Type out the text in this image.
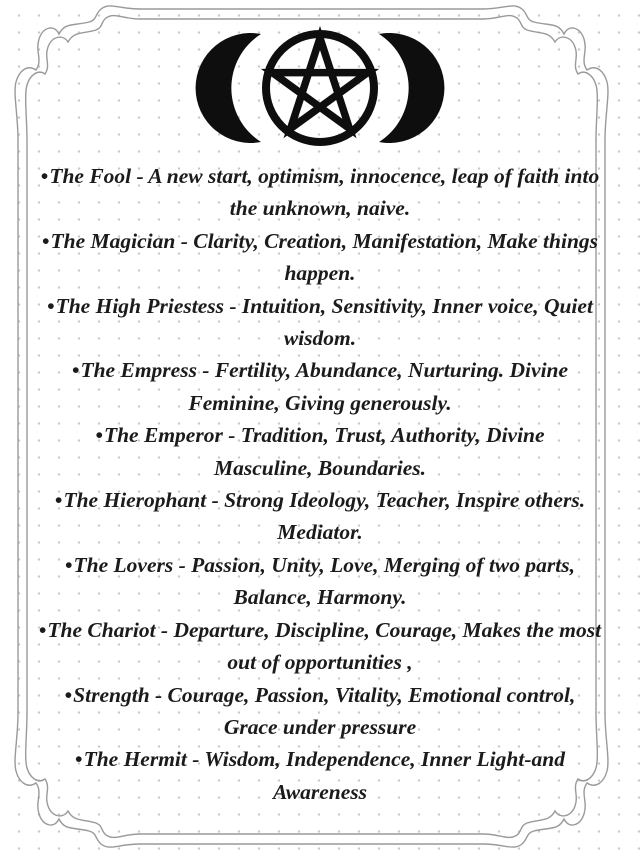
•The Fool - A new start, optimism, innocence, leap of faith into
the unknown, naive.
•The Magician - Clarity, Creation, Manifestation, Make things
happen.
•The High Priestess - Intuition, Sensitivity, Inner voice, Quiet
wisdom.
•The Empress - Fertility, Abundance, Nurturing. Divine
Feminine, Giving generously.
•The Emperor - Tradition, Trust, Authority, Divine
Masculine, Boundaries.
•The Hierophant - Strong Ideology, Teacher, Inspire others.
Mediator.
•The Lovers - Passion, Unity, Love, Merging of two parts,
Balance, Harmony.
•The Chariot - Departure, Discipline, Courage, Makes the most
out of opportunities ,
•Strength - Courage, Passion, Vitality, Emotional control,
Grace under pressure
•The Hermit - Wisdom, Independence, Inner Light-and
Awareness
